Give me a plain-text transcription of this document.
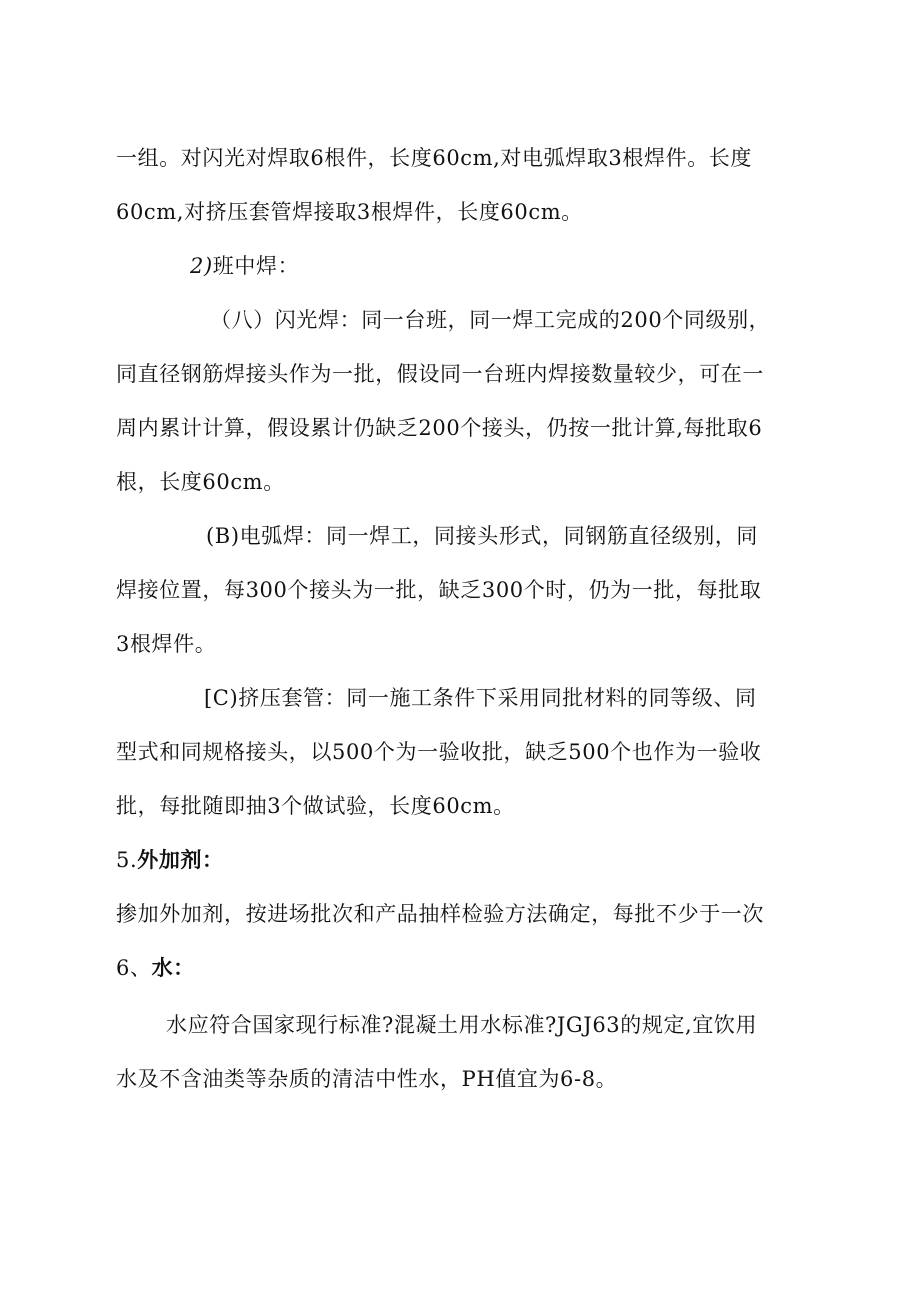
一组。对闪光对焊取6根件，长度60cm,对电弧焊取3根焊件。长度
60cm,对挤压套管焊接取3根焊件，长度60cm。
2)班中焊：
（八）闪光焊：同一台班，同一焊工完成的200个同级别，
同直径钢筋焊接头作为一批，假设同一台班内焊接数量较少，可在一
周内累计计算，假设累计仍缺乏200个接头，仍按一批计算,每批取6
根，长度60cm。
(B)电弧焊：同一焊工，同接头形式，同钢筋直径级别，同
焊接位置，每300个接头为一批，缺乏300个时，仍为一批，每批取
3根焊件。
[C)挤压套管：同一施工条件下采用同批材料的同等级、同
型式和同规格接头，以500个为一验收批，缺乏500个也作为一验收
批，每批随即抽3个做试验，长度60cm。
5.外加剂：
掺加外加剂，按进场批次和产品抽样检验方法确定，每批不少于一次
6、水：
水应符合国家现行标准?混凝土用水标准?JGJ63的规定,宜饮用
水及不含油类等杂质的清洁中性水，PH值宜为6-8。
